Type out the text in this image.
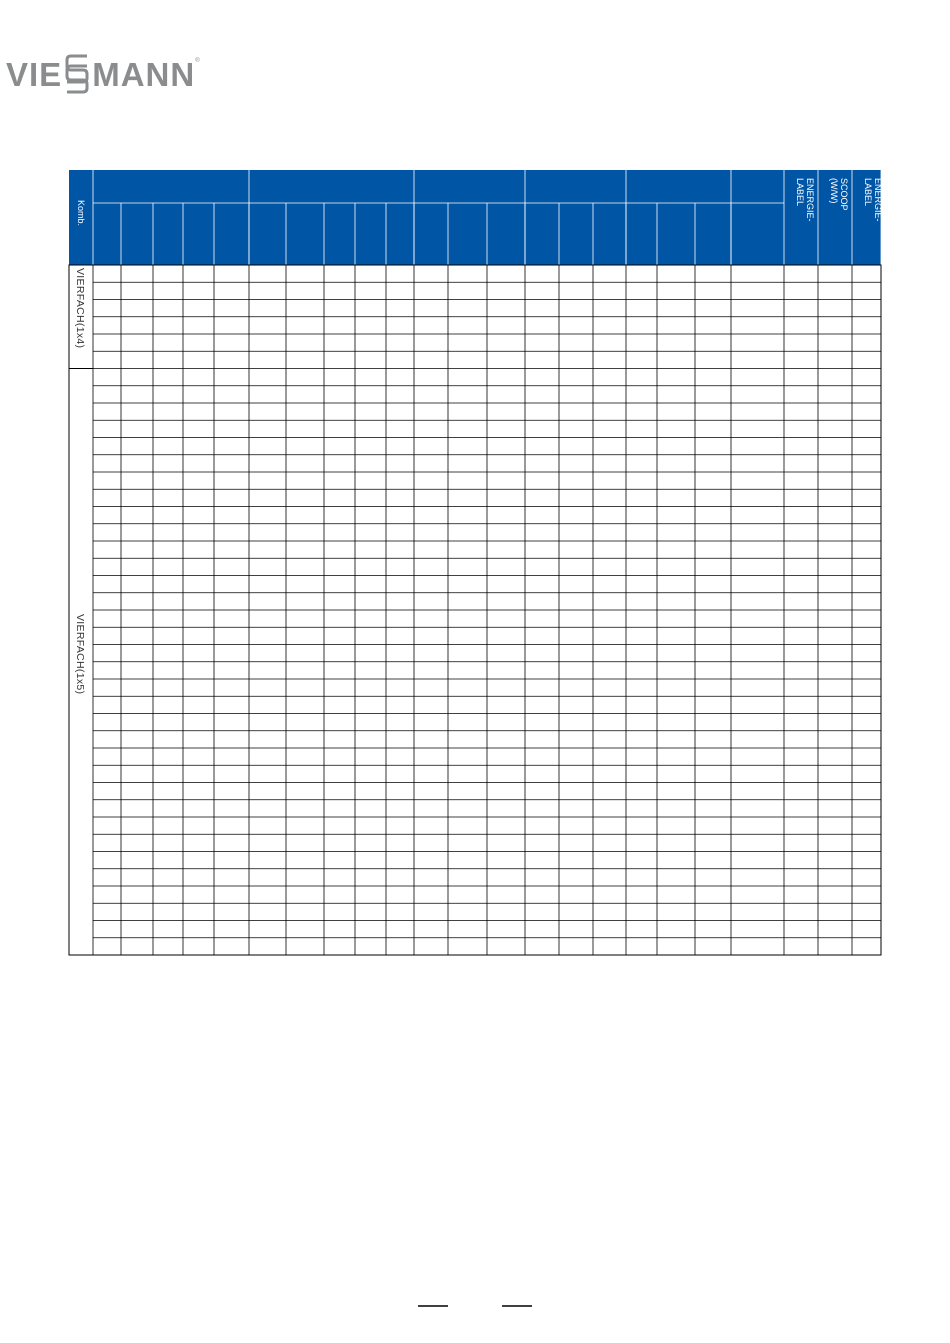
VIE MANN ®
Komb.
VIERFACH(1x4)
VIERFACH(1x5)
ENERGIE-
LABEL	SCOOP
(W/W)	ENERGIE-
LABEL
